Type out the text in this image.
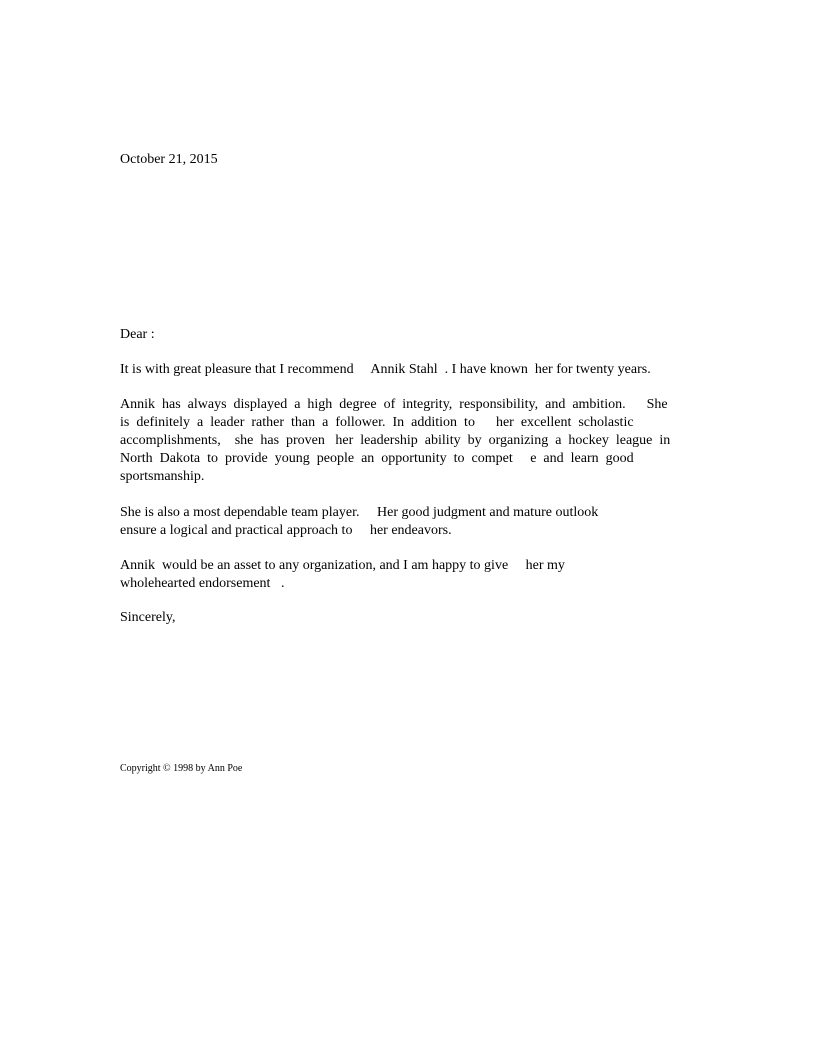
October 21, 2015
Dear :
It is with great pleasure that I recommend     Annik Stahl  . I have known  her for twenty years.
Annik  has  always  displayed  a  high  degree  of  integrity,  responsibility,  and  ambition.      She
is  definitely  a  leader  rather  than  a  follower.  In  addition  to      her  excellent  scholastic
accomplishments,    she  has  proven   her  leadership  ability  by  organizing  a  hockey  league  in
North  Dakota  to  provide  young  people  an  opportunity  to  compet     e  and  learn  good
sportsmanship.
She is also a most dependable team player.     Her good judgment and mature outlook
ensure a logical and practical approach to     her endeavors.
Annik  would be an asset to any organization, and I am happy to give     her my
wholehearted endorsement   .
Sincerely,
Copyright © 1998 by Ann Poe
